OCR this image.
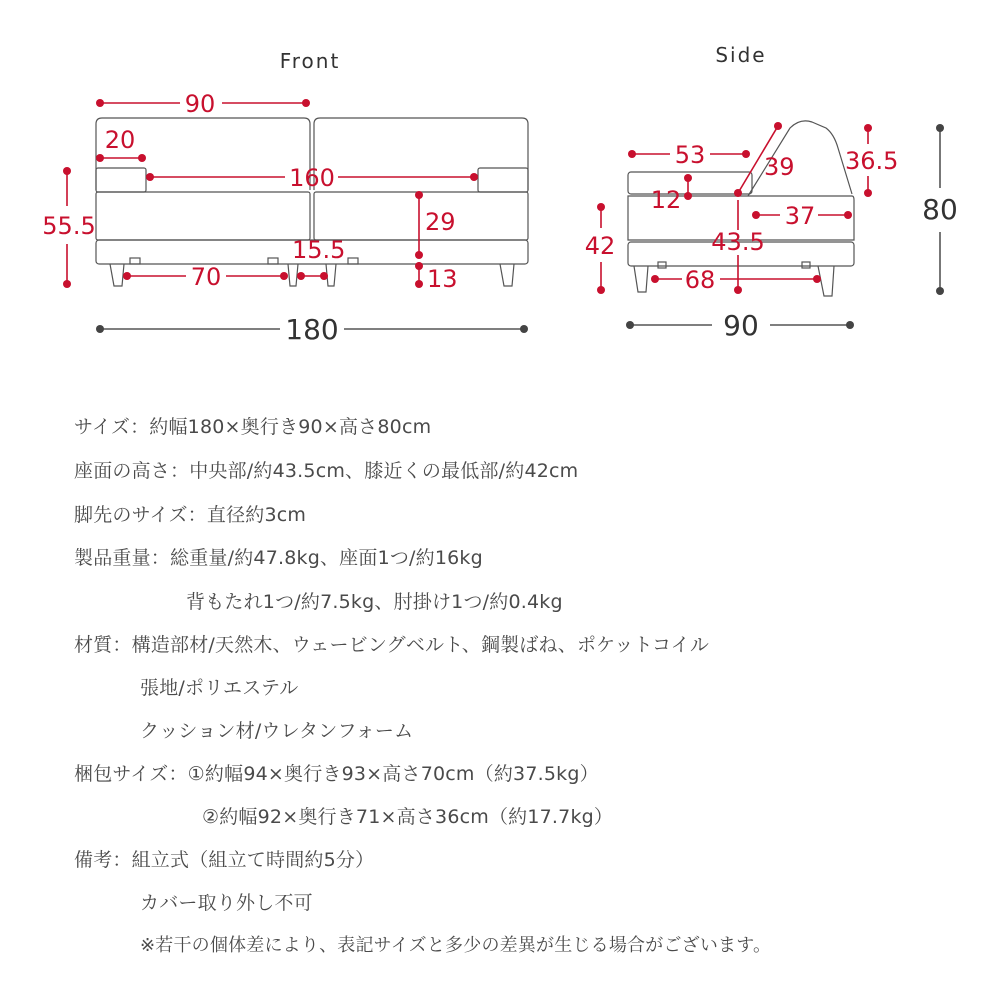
Front
90
20
160
55.5	29
15.5
70	13
180
Side
53 39 36.5
12
37
42	43.5
68
80
90
サイズ：約幅180×奥行き90×高さ80cm
座面の高さ：中央部/約43.5cm、膝近くの最低部/約42cm
脚先のサイズ：直径約3cm
製品重量：総重量/約47.8kg、座面1つ/約16kg
背もたれ1つ/約7.5kg、肘掛け1つ/約0.4kg
材質：構造部材/天然木、ウェービングベルト、鋼製ばね、ポケットコイル
張地/ポリエステル
クッション材/ウレタンフォーム
梱包サイズ：①約幅94×奥行き93×高さ70cm（約37.5kg）
②約幅92×奥行き71×高さ36cm（約17.7kg）
備考：組立式（組立て時間約5分）
カバー取り外し不可
※若干の個体差により、表記サイズと多少の差異が生じる場合がございます。
